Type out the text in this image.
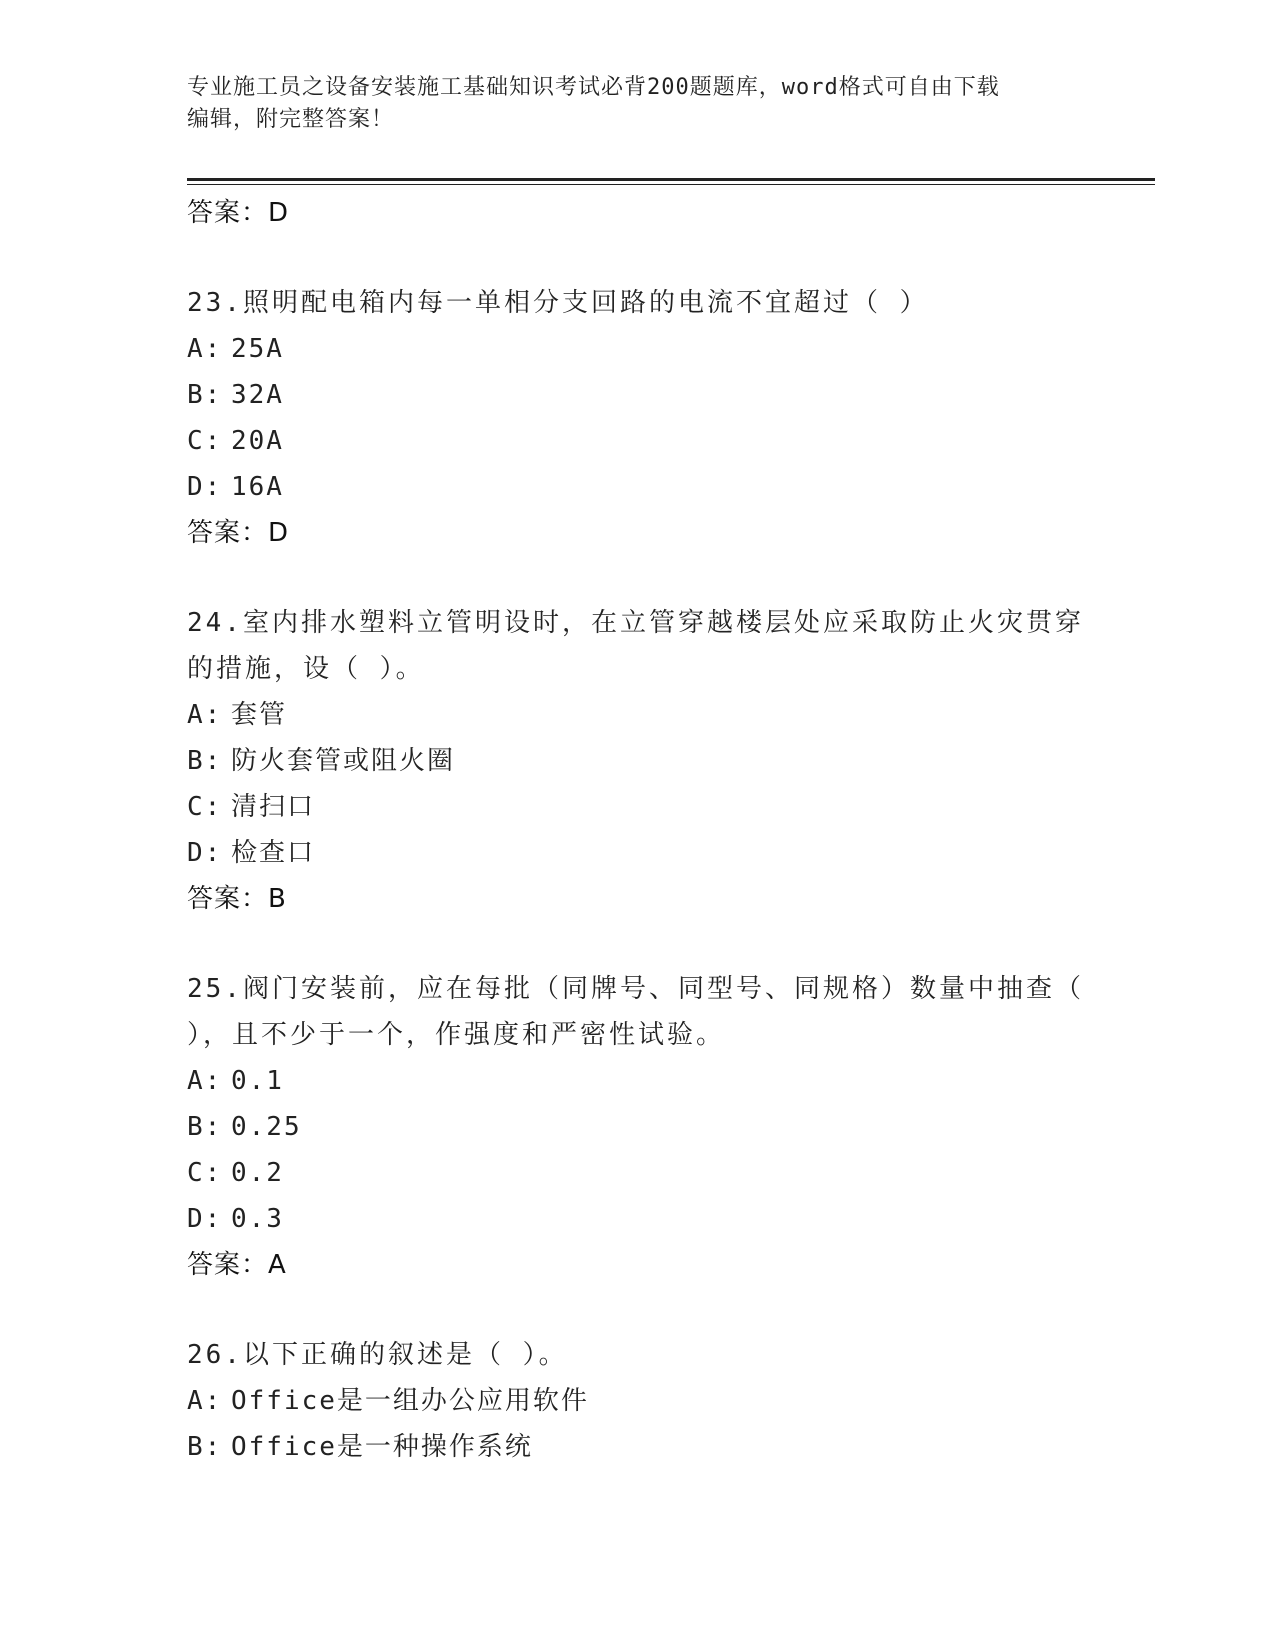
专业施工员之设备安装施工基础知识考试必背200题题库，word格式可自由下载
编辑，附完整答案！
答案：D
23.照明配电箱内每一单相分支回路的电流不宜超过（ ）
A: 25A
B: 32A
C: 20A
D: 16A
答案：D
24.室内排水塑料立管明设时，在立管穿越楼层处应采取防止火灾贯穿的措施，设（ ）。
A: 套管
B: 防火套管或阻火圈
C: 清扫口
D: 检查口
答案：B
25.阀门安装前，应在每批（同牌号、同型号、同规格）数量中抽查（ ），且不少于一个，作强度和严密性试验。
A: 0.1
B: 0.25
C: 0.2
D: 0.3
答案：A
26.以下正确的叙述是（ ）。
A: Office是一组办公应用软件
B: Office是一种操作系统
